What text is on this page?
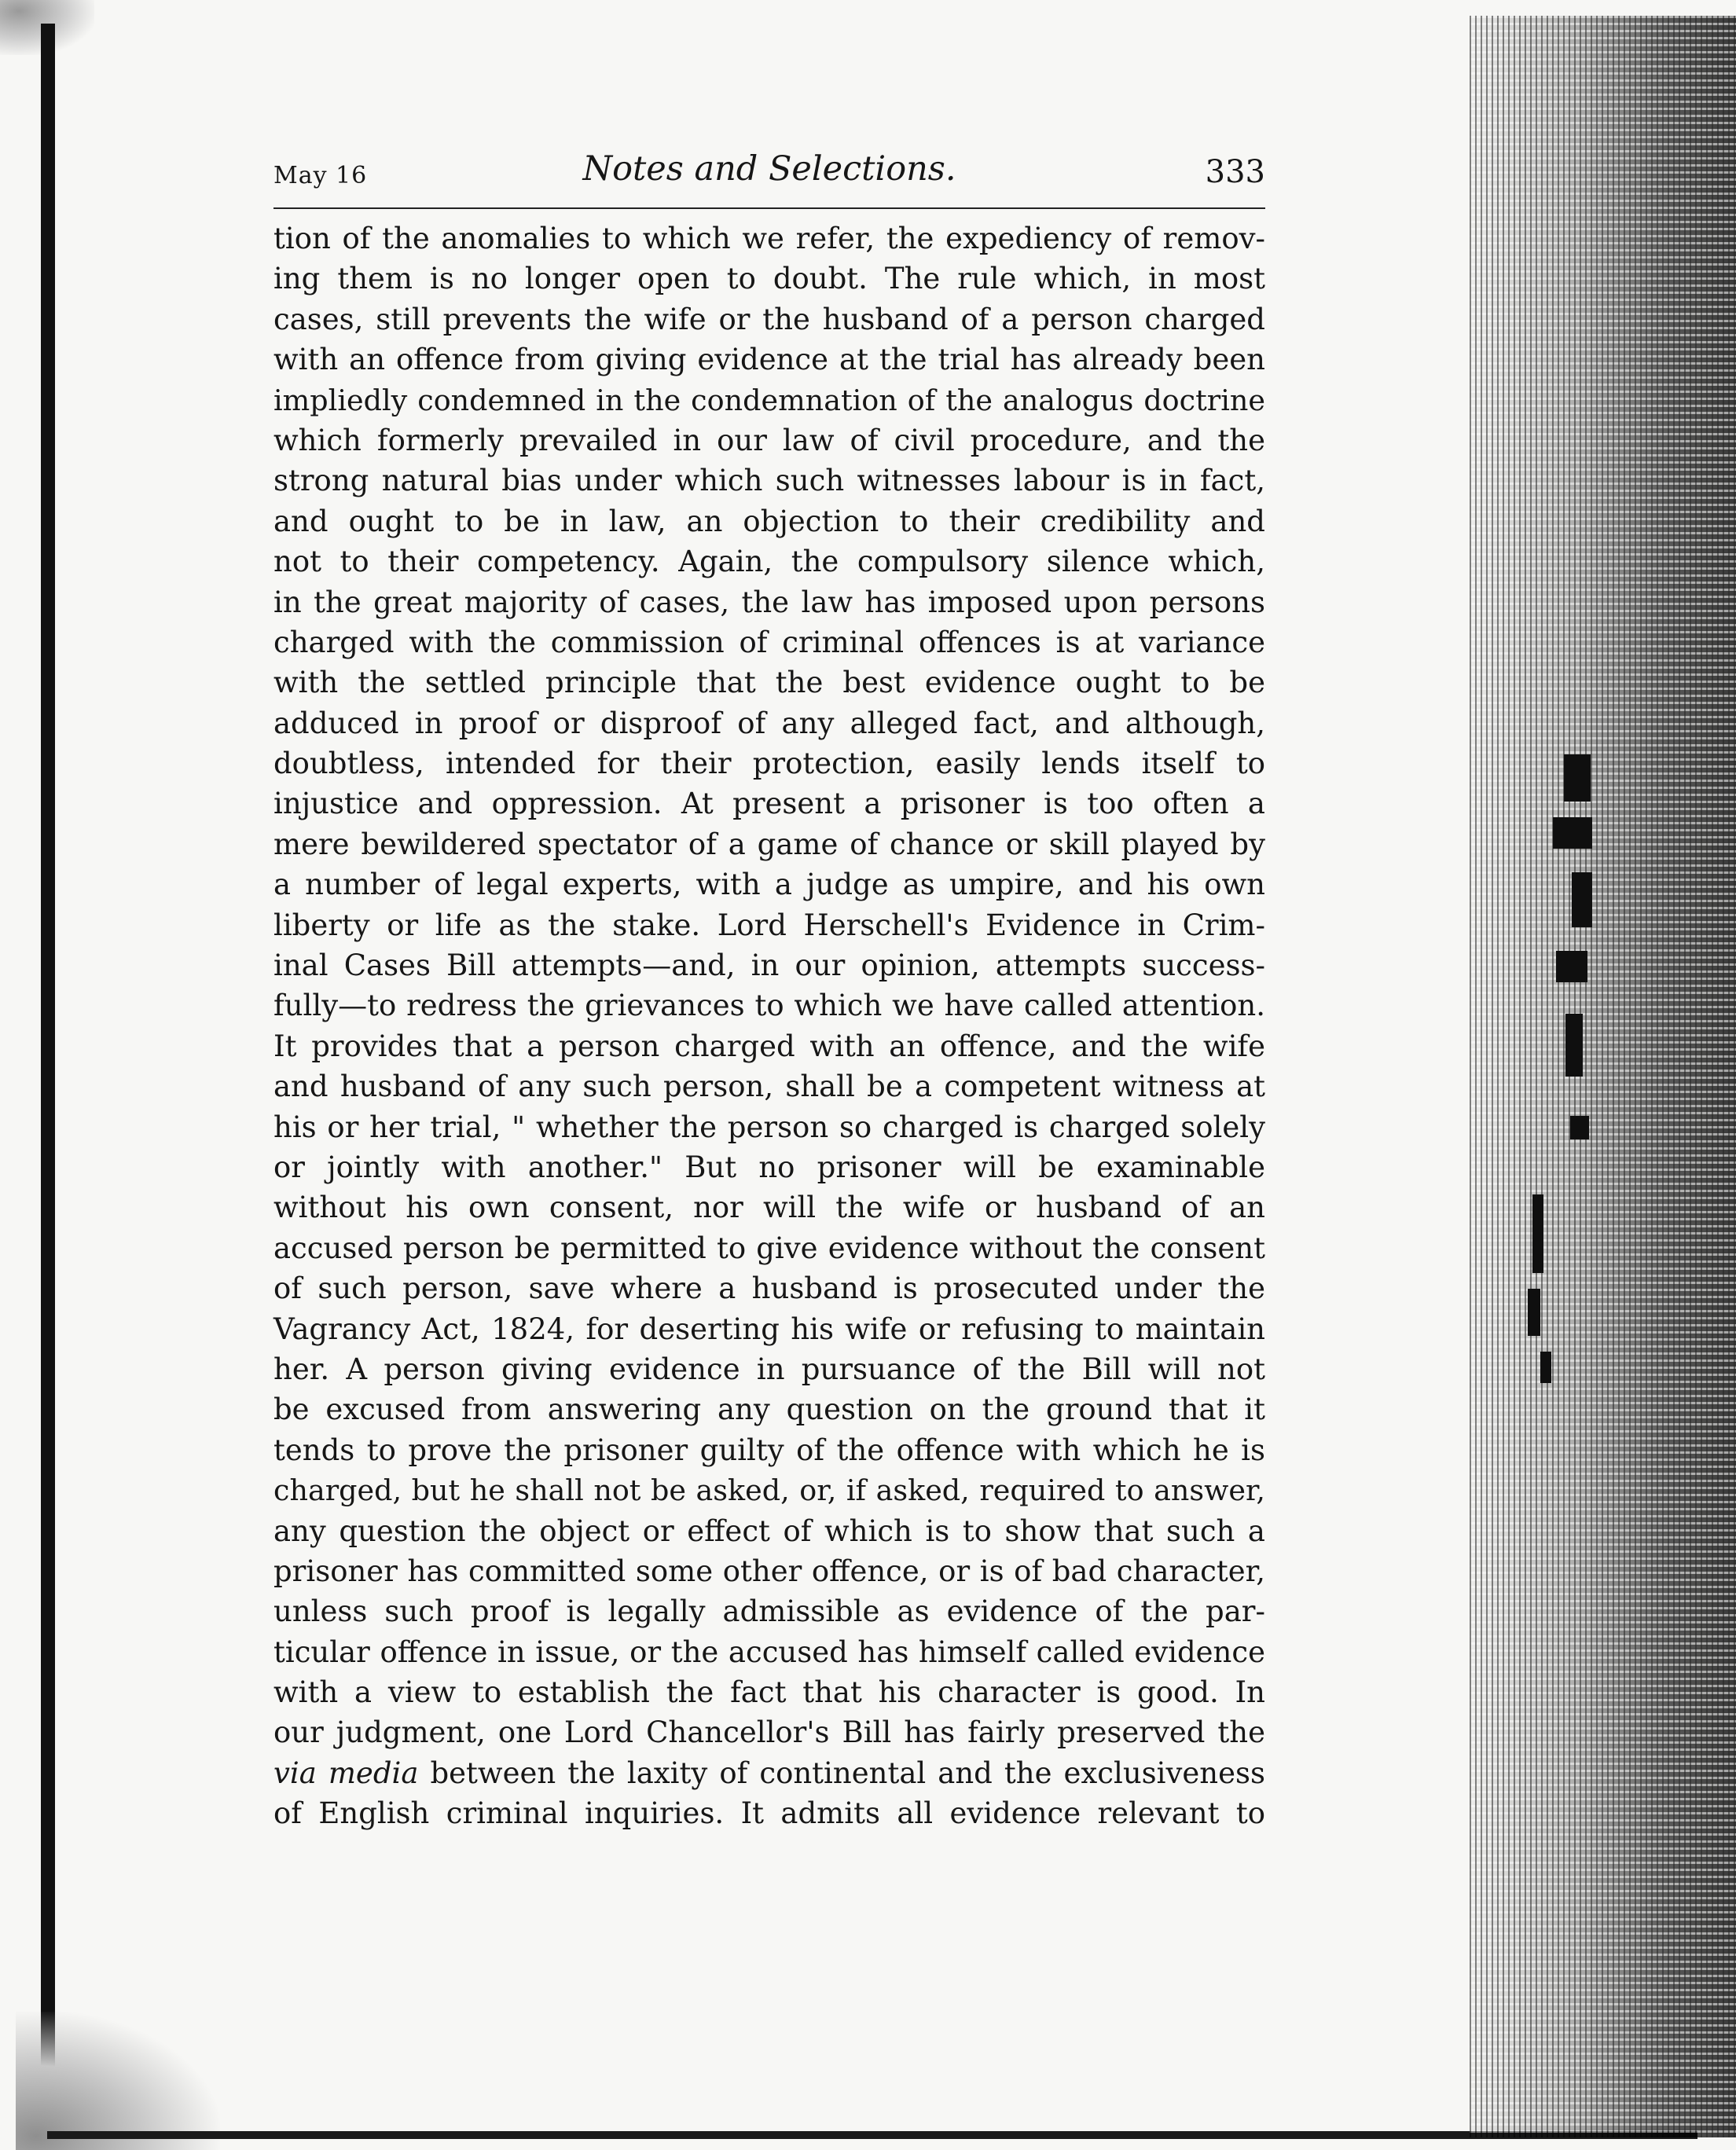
May 16	Notes and Selections.	333
tion of the anomalies to which we refer, the expediency of remov-
ing them is no longer open to doubt. The rule which, in most
cases, still prevents the wife or the husband of a person charged
with an offence from giving evidence at the trial has already been
impliedly condemned in the condemnation of the analogus doctrine
which formerly prevailed in our law of civil procedure, and the
strong natural bias under which such witnesses labour is in fact,
and ought to be in law, an objection to their credibility and
not to their competency. Again, the compulsory silence which,
in the great majority of cases, the law has imposed upon persons
charged with the commission of criminal offences is at variance
with the settled principle that the best evidence ought to be
adduced in proof or disproof of any alleged fact, and although,
doubtless, intended for their protection, easily lends itself to
injustice and oppression. At present a prisoner is too often a
mere bewildered spectator of a game of chance or skill played by
a number of legal experts, with a judge as umpire, and his own
liberty or life as the stake. Lord Herschell's Evidence in Crim-
inal Cases Bill attempts—and, in our opinion, attempts success-
fully—to redress the grievances to which we have called attention.
It provides that a person charged with an offence, and the wife
and husband of any such person, shall be a competent witness at
his or her trial, " whether the person so charged is charged solely
or jointly with another." But no prisoner will be examinable
without his own consent, nor will the wife or husband of an
accused person be permitted to give evidence without the consent
of such person, save where a husband is prosecuted under the
Vagrancy Act, 1824, for deserting his wife or refusing to maintain
her. A person giving evidence in pursuance of the Bill will not
be excused from answering any question on the ground that it
tends to prove the prisoner guilty of the offence with which he is
charged, but he shall not be asked, or, if asked, required to answer,
any question the object or effect of which is to show that such a
prisoner has committed some other offence, or is of bad character,
unless such proof is legally admissible as evidence of the par-
ticular offence in issue, or the accused has himself called evidence
with a view to establish the fact that his character is good. In
our judgment, one Lord Chancellor's Bill has fairly preserved the
via media between the laxity of continental and the exclusiveness
of English criminal inquiries. It admits all evidence relevant to
